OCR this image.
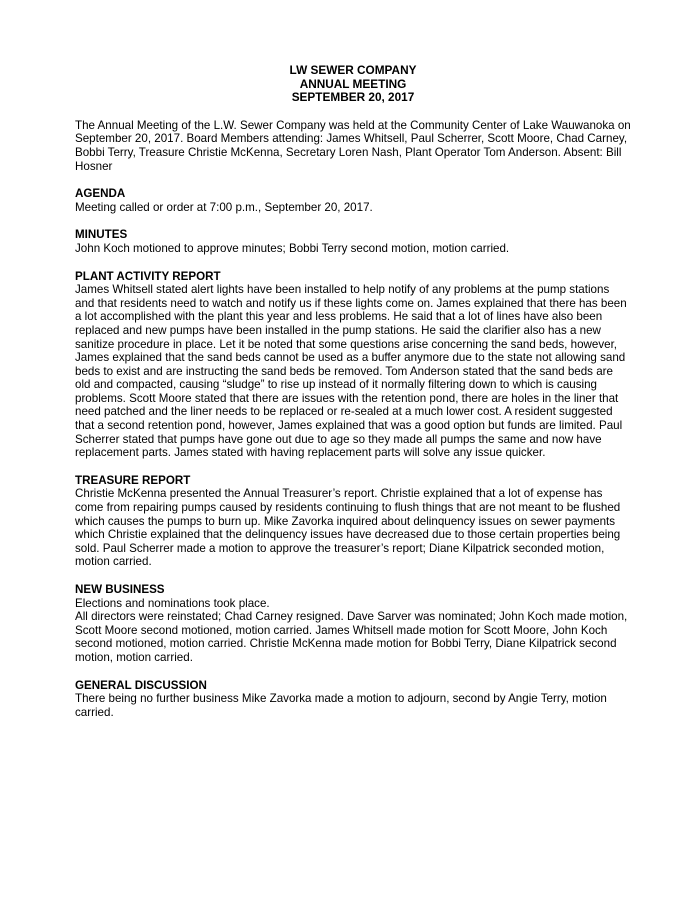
LW SEWER COMPANY
ANNUAL MEETING
SEPTEMBER 20, 2017

The Annual Meeting of the L.W. Sewer Company was held at the Community Center of Lake Wauwanoka on September 20, 2017. Board Members attending: James Whitsell, Paul Scherrer, Scott Moore, Chad Carney, Bobbi Terry, Treasure Christie McKenna, Secretary Loren Nash, Plant Operator Tom Anderson. Absent: Bill Hosner

AGENDA
Meeting called or order at 7:00 p.m., September 20, 2017.
MINUTES
John Koch motioned to approve minutes; Bobbi Terry second motion, motion carried.
PLANT ACTIVITY REPORT
James Whitsell stated alert lights have been installed to help notify of any problems at the pump stations and that residents need to watch and notify us if these lights come on. James explained that there has been a lot accomplished with the plant this year and less problems. He said that a lot of lines have also been replaced and new pumps have been installed in the pump stations. He said the clarifier also has a new sanitize procedure in place. Let it be noted that some questions arise concerning the sand beds, however, James explained that the sand beds cannot be used as a buffer anymore due to the state not allowing sand beds to exist and are instructing the sand beds be removed. Tom Anderson stated that the sand beds are old and compacted, causing “sludge” to rise up instead of it normally filtering down to which is causing problems. Scott Moore stated that there are issues with the retention pond, there are holes in the liner that need patched and the liner needs to be replaced or re-sealed at a much lower cost. A resident suggested that a second retention pond, however, James explained that was a good option but funds are limited. Paul Scherrer stated that pumps have gone out due to age so they made all pumps the same and now have replacement parts. James stated with having replacement parts will solve any issue quicker.
TREASURE REPORT
Christie McKenna presented the Annual Treasurer’s report. Christie explained that a lot of expense has come from repairing pumps caused by residents continuing to flush things that are not meant to be flushed which causes the pumps to burn up. Mike Zavorka inquired about delinquency issues on sewer payments which Christie explained that the delinquency issues have decreased due to those certain properties being sold. Paul Scherrer made a motion to approve the treasurer’s report; Diane Kilpatrick seconded motion, motion carried.
NEW BUSINESS
Elections and nominations took place.
All directors were reinstated; Chad Carney resigned. Dave Sarver was nominated; John Koch made motion, Scott Moore second motioned, motion carried. James Whitsell made motion for Scott Moore, John Koch second motioned, motion carried. Christie McKenna made motion for Bobbi Terry, Diane Kilpatrick second motion, motion carried.
GENERAL DISCUSSION
There being no further business Mike Zavorka made a motion to adjourn, second by Angie Terry, motion carried.
